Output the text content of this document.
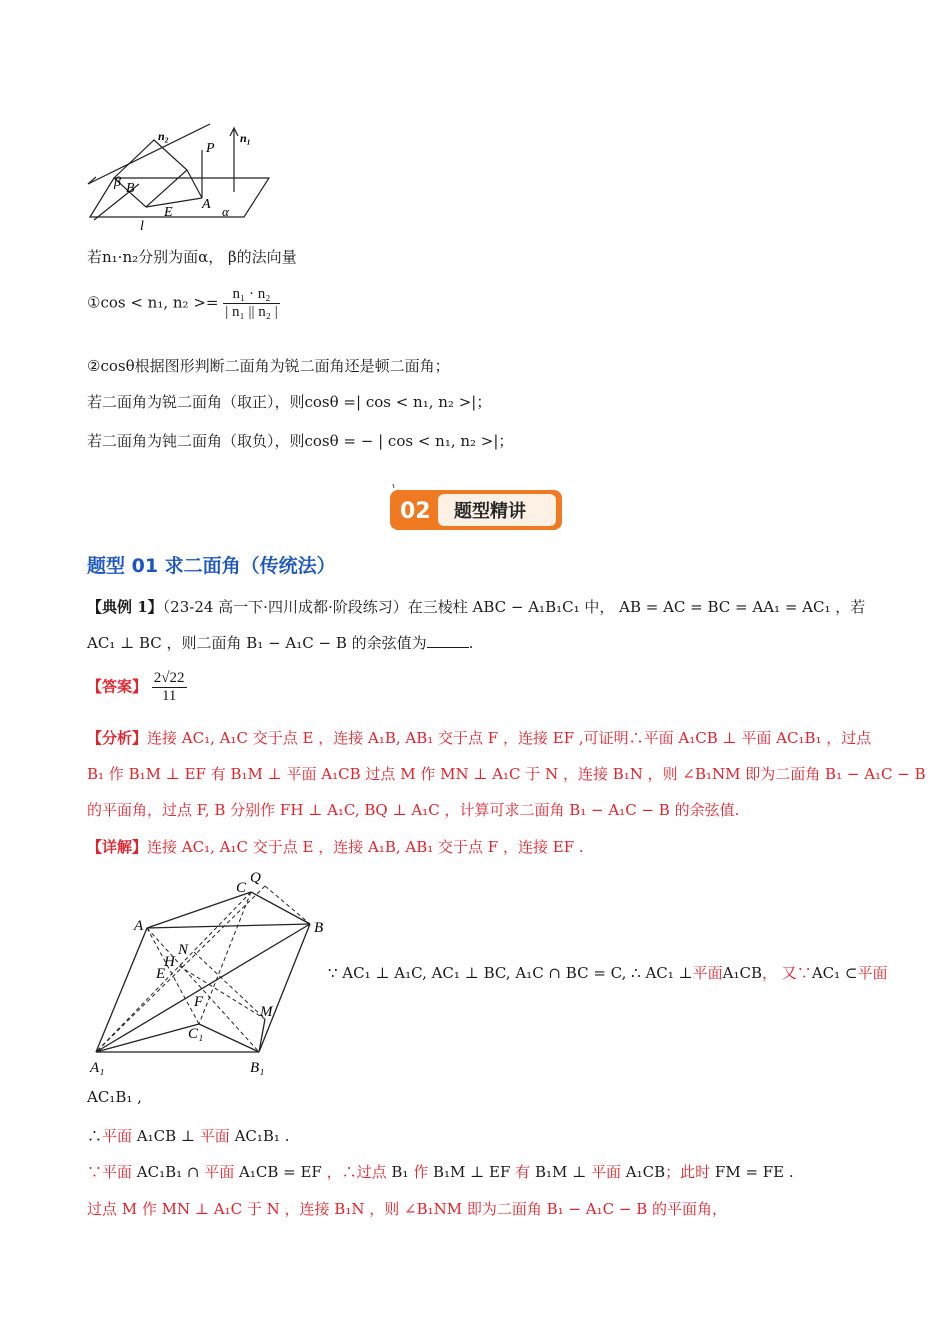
n₂	n₁
P
β B
E
A α
l
若n₁·n₂分别为面α， β的法向量
①cos < n₁, $n_2 >= \frac{\text{n₁ · n₂}}{\text{| n₁ || n₂ |}}$
②cosθ根据图形判断二面角为锐二面角还是顿二面角；
若二面角为锐二面角（取正），则cosθ =| cos < n₁, n₂ >|；
若二面角为钝二面角（取负），则cosθ = − | cos < n₁, n₂ >|；
02 题型精讲
题型 01 求二面角（传统法）
【典例 1】（23-24 高一下·四川成都·阶段练习）在三棱柱 ABC − A₁B₁C₁ 中， AB = AC = BC = AA₁ = AC₁ ，若
AC₁ ⊥ BC ，则二面角 B₁ − A₁C − B 的余弦值为	.
【答案】 $\frac{2√22}{11}$
【分析】连接 AC₁, A₁C 交于点 E ，连接 A₁B, AB₁ 交于点 F ，连接 EF ,可证明∴平面 A₁CB ⊥ 平面 AC₁B₁ ，过点
B₁ 作 B₁M ⊥ EF 有 B₁M ⊥ 平面 A₁CB 过点 M 作 MN ⊥ A₁C 于 N ，连接 B₁N ，则 ∠B₁NM 即为二面角 B₁ − A₁C − B
的平面角，过点 F, B 分别作 FH ⊥ A₁C, BQ ⊥ A₁C ，计算可求二面角 B₁ − A₁C − B 的余弦值.
【详解】连接 AC₁, A₁C 交于点 E ，连接 A₁B, AB₁ 交于点 F ，连接 EF .
C
Q
A	B
N
H
E
F
M
C₁
A₁	B₁
∵ AC₁ ⊥ A₁C, AC₁ ⊥ BC, A₁C ∩ BC = C, ∴ AC₁ ⊥平面A₁CB， 又∵AC₁ ⊂平面
AC₁B₁ ,
∴平面 A₁CB ⊥ 平面 AC₁B₁ .
∵平面 AC₁B₁ ∩ 平面 A₁CB = EF ，∴过点 B₁ 作 B₁M ⊥ EF 有 B₁M ⊥ 平面 A₁CB；此时 FM = FE .
过点 M 作 MN ⊥ A₁C 于 N ，连接 B₁N ，则 ∠B₁NM 即为二面角 B₁ − A₁C − B 的平面角，
